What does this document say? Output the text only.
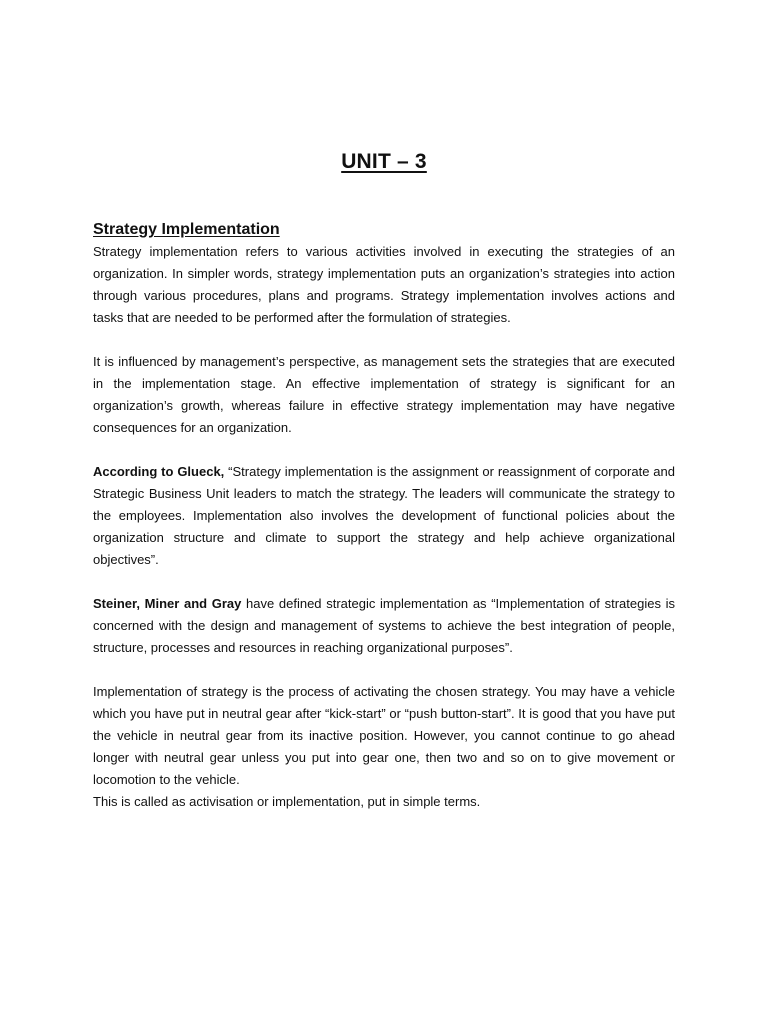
UNIT – 3
Strategy Implementation

Strategy implementation refers to various activities involved in executing the strategies of an organization. In simpler words, strategy implementation puts an organization’s strategies into action through various procedures, plans and programs. Strategy implementation involves actions and tasks that are needed to be performed after the formulation of strategies.

It is influenced by management’s perspective, as management sets the strategies that are executed in the implementation stage. An effective implementation of strategy is significant for an organization’s growth, whereas failure in effective strategy implementation may have negative consequences for an organization.

According to Glueck, “Strategy implementation is the assignment or reassignment of corporate and Strategic Business Unit leaders to match the strategy. The leaders will communicate the strategy to the employees. Implementation also involves the development of functional policies about the organization structure and climate to support the strategy and help achieve organizational objectives”.

Steiner, Miner and Gray have defined strategic implementation as “Implementation of strategies is concerned with the design and management of systems to achieve the best integration of people, structure, processes and resources in reaching organizational purposes”.

Implementation of strategy is the process of activating the chosen strategy. You may have a vehicle which you have put in neutral gear after “kick-start” or “push button-start”. It is good that you have put the vehicle in neutral gear from its inactive position. However, you cannot continue to go ahead longer with neutral gear unless you put into gear one, then two and so on to give movement or locomotion to the vehicle.

This is called as activisation or implementation, put in simple terms.
